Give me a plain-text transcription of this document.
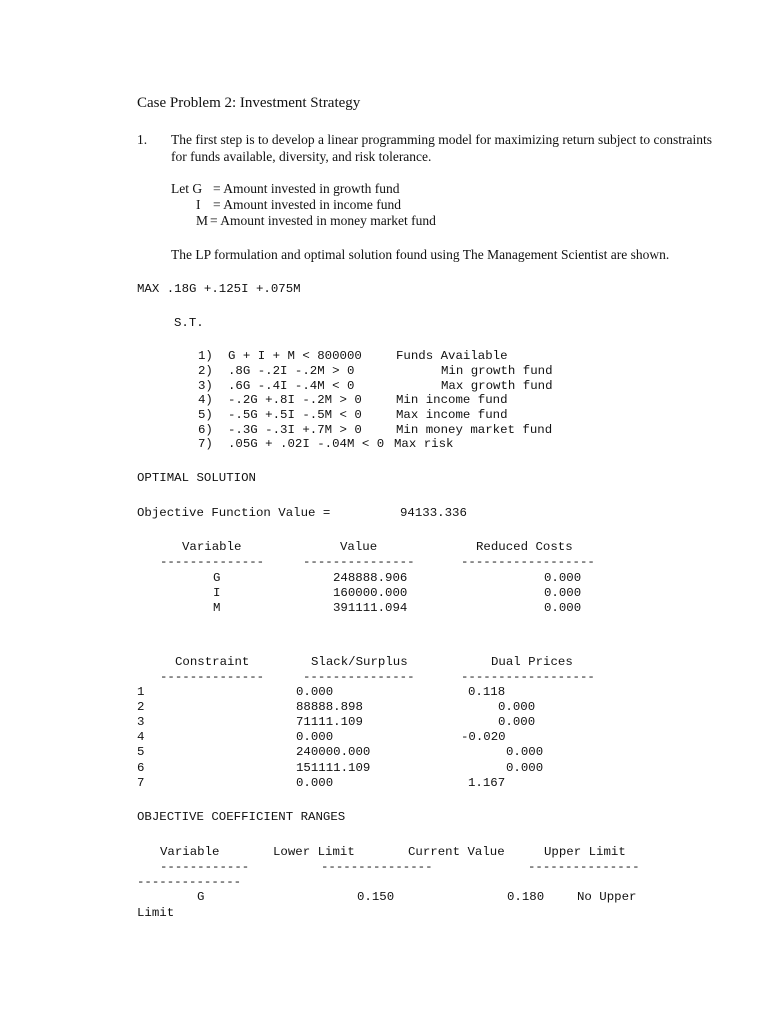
Case Problem 2: Investment Strategy
1. The first step is to develop a linear programming model for maximizing return subject to constraints
for funds available, diversity, and risk tolerance.
Let G = Amount invested in growth fund
I = Amount invested in income fund
M = Amount invested in money market fund
The LP formulation and optimal solution found using The Management Scientist are shown.
MAX .18G +.125I +.075M
S.T.
1) G + I + M < 800000	Funds Available
2) .8G -.2I -.2M > 0	Min growth fund
3) .6G -.4I -.4M < 0	Max growth fund
4) -.2G +.8I -.2M > 0	Min income fund
5) -.5G +.5I -.5M < 0	Max income fund
6) -.3G -.3I +.7M > 0	Min money market fund
7) .05G + .02I -.04M < 0 Max risk
OPTIMAL SOLUTION
Objective Function Value =	94133.336
Variable	Value	Reduced Costs
--------------	---------------	------------------
G	248888.906	0.000
I	160000.000	0.000
M	391111.094	0.000
Constraint	Slack/Surplus	Dual Prices
--------------	---------------	------------------
1	0.000	0.118
2	88888.898	0.000
3	71111.109	0.000
4	0.000	-0.020
5	240000.000	0.000
6	151111.109	0.000
7	0.000	1.167
OBJECTIVE COEFFICIENT RANGES
Variable	Lower Limit	Current Value	Upper Limit
------------	---------------	---------------
--------------
G	0.150	0.180	No Upper
Limit
